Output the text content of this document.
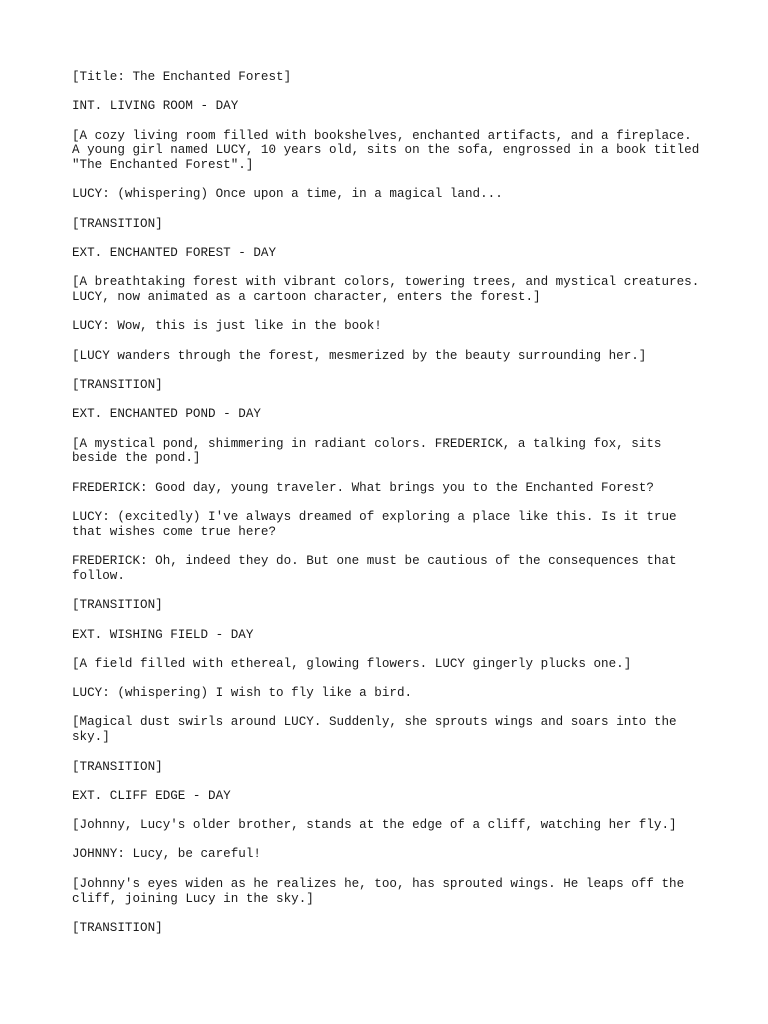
[Title: The Enchanted Forest]
INT. LIVING ROOM - DAY
[A cozy living room filled with bookshelves, enchanted artifacts, and a fireplace.
A young girl named LUCY, 10 years old, sits on the sofa, engrossed in a book titled
"The Enchanted Forest".]
LUCY: (whispering) Once upon a time, in a magical land...
[TRANSITION]
EXT. ENCHANTED FOREST - DAY
[A breathtaking forest with vibrant colors, towering trees, and mystical creatures.
LUCY, now animated as a cartoon character, enters the forest.]
LUCY: Wow, this is just like in the book!
[LUCY wanders through the forest, mesmerized by the beauty surrounding her.]
[TRANSITION]
EXT. ENCHANTED POND - DAY
[A mystical pond, shimmering in radiant colors. FREDERICK, a talking fox, sits
beside the pond.]
FREDERICK: Good day, young traveler. What brings you to the Enchanted Forest?
LUCY: (excitedly) I've always dreamed of exploring a place like this. Is it true
that wishes come true here?
FREDERICK: Oh, indeed they do. But one must be cautious of the consequences that
follow.
[TRANSITION]
EXT. WISHING FIELD - DAY
[A field filled with ethereal, glowing flowers. LUCY gingerly plucks one.]
LUCY: (whispering) I wish to fly like a bird.
[Magical dust swirls around LUCY. Suddenly, she sprouts wings and soars into the
sky.]
[TRANSITION]
EXT. CLIFF EDGE - DAY
[Johnny, Lucy's older brother, stands at the edge of a cliff, watching her fly.]
JOHNNY: Lucy, be careful!
[Johnny's eyes widen as he realizes he, too, has sprouted wings. He leaps off the
cliff, joining Lucy in the sky.]
[TRANSITION]
